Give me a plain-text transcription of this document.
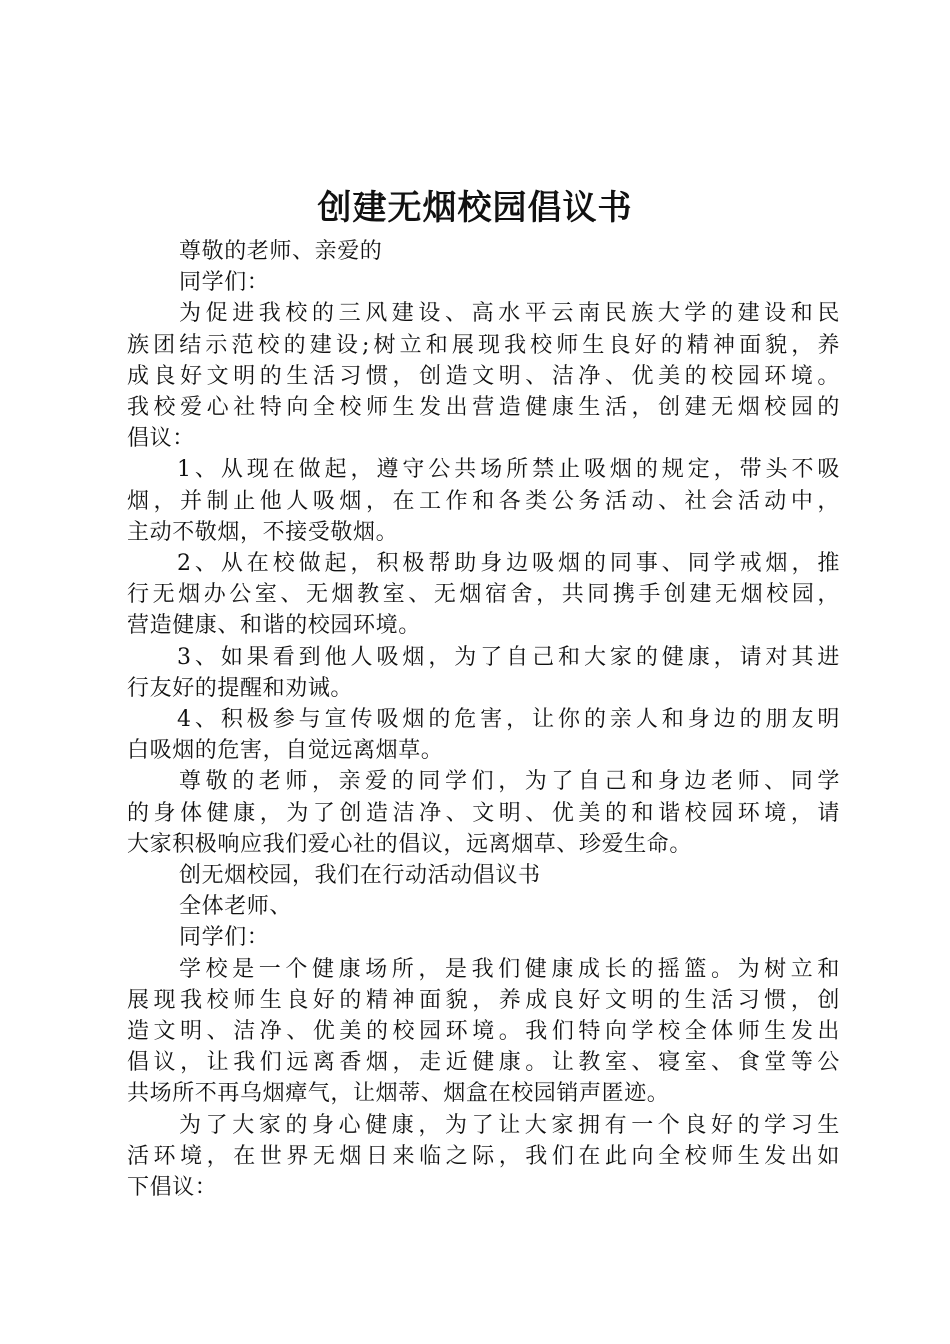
创建无烟校园倡议书

尊敬的老师、亲爱的

同学们：

为促进我校的三风建设、高水平云南民族大学的建设和民

族团结示范校的建设;树立和展现我校师生良好的精神面貌，养

成良好文明的生活习惯，创造文明、洁净、优美的校园环境。

我校爱心社特向全校师生发出营造健康生活，创建无烟校园的

倡议：

1、从现在做起，遵守公共场所禁止吸烟的规定，带头不吸

烟，并制止他人吸烟，在工作和各类公务活动、社会活动中，

主动不敬烟，不接受敬烟。

2、从在校做起，积极帮助身边吸烟的同事、同学戒烟，推

行无烟办公室、无烟教室、无烟宿舍，共同携手创建无烟校园，

营造健康、和谐的校园环境。

3、如果看到他人吸烟，为了自己和大家的健康，请对其进

行友好的提醒和劝诫。

4、积极参与宣传吸烟的危害，让你的亲人和身边的朋友明

白吸烟的危害，自觉远离烟草。

尊敬的老师，亲爱的同学们，为了自己和身边老师、同学

的身体健康，为了创造洁净、文明、优美的和谐校园环境，请

大家积极响应我们爱心社的倡议，远离烟草、珍爱生命。

创无烟校园，我们在行动活动倡议书

全体老师、

同学们：

学校是一个健康场所，是我们健康成长的摇篮。为树立和

展现我校师生良好的精神面貌，养成良好文明的生活习惯，创

造文明、洁净、优美的校园环境。我们特向学校全体师生发出

倡议，让我们远离香烟，走近健康。让教室、寝室、食堂等公

共场所不再乌烟瘴气，让烟蒂、烟盒在校园销声匿迹。

为了大家的身心健康，为了让大家拥有一个良好的学习生

活环境，在世界无烟日来临之际，我们在此向全校师生发出如

下倡议：
